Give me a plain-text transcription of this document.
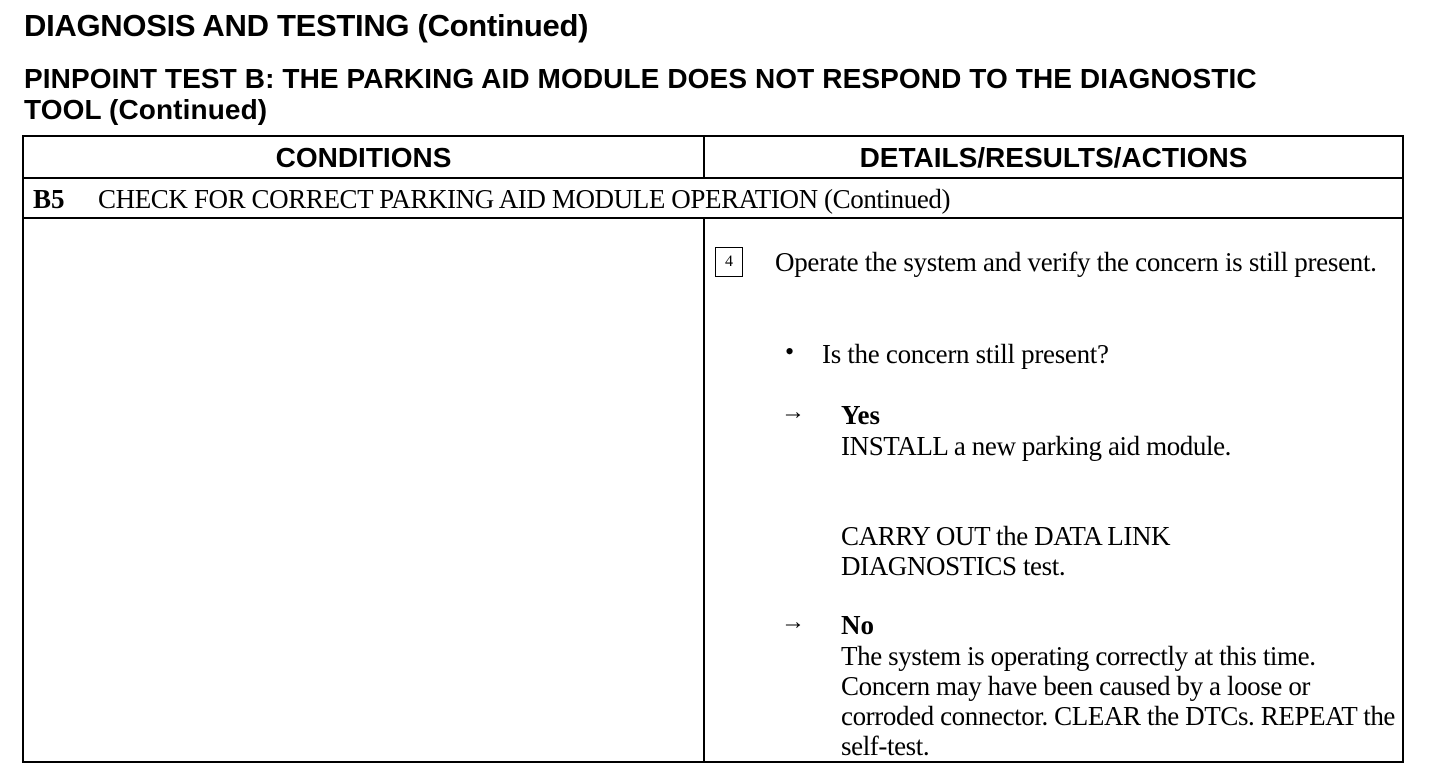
DIAGNOSIS AND TESTING (Continued)
PINPOINT TEST B: THE PARKING AID MODULE DOES NOT RESPOND TO THE DIAGNOSTIC
TOOL (Continued)
CONDITIONS	DETAILS/RESULTS/ACTIONS
B5 CHECK FOR CORRECT PARKING AID MODULE OPERATION (Continued)
4	Operate the system and verify the concern is still present.
• Is the concern still present?
→ Yes
INSTALL a new parking aid module.
CARRY OUT the DATA LINK DIAGNOSTICS test.
→ No
The system is operating correctly at this time. Concern may have been caused by a loose or corroded connector. CLEAR the DTCs. REPEAT the self-test.
